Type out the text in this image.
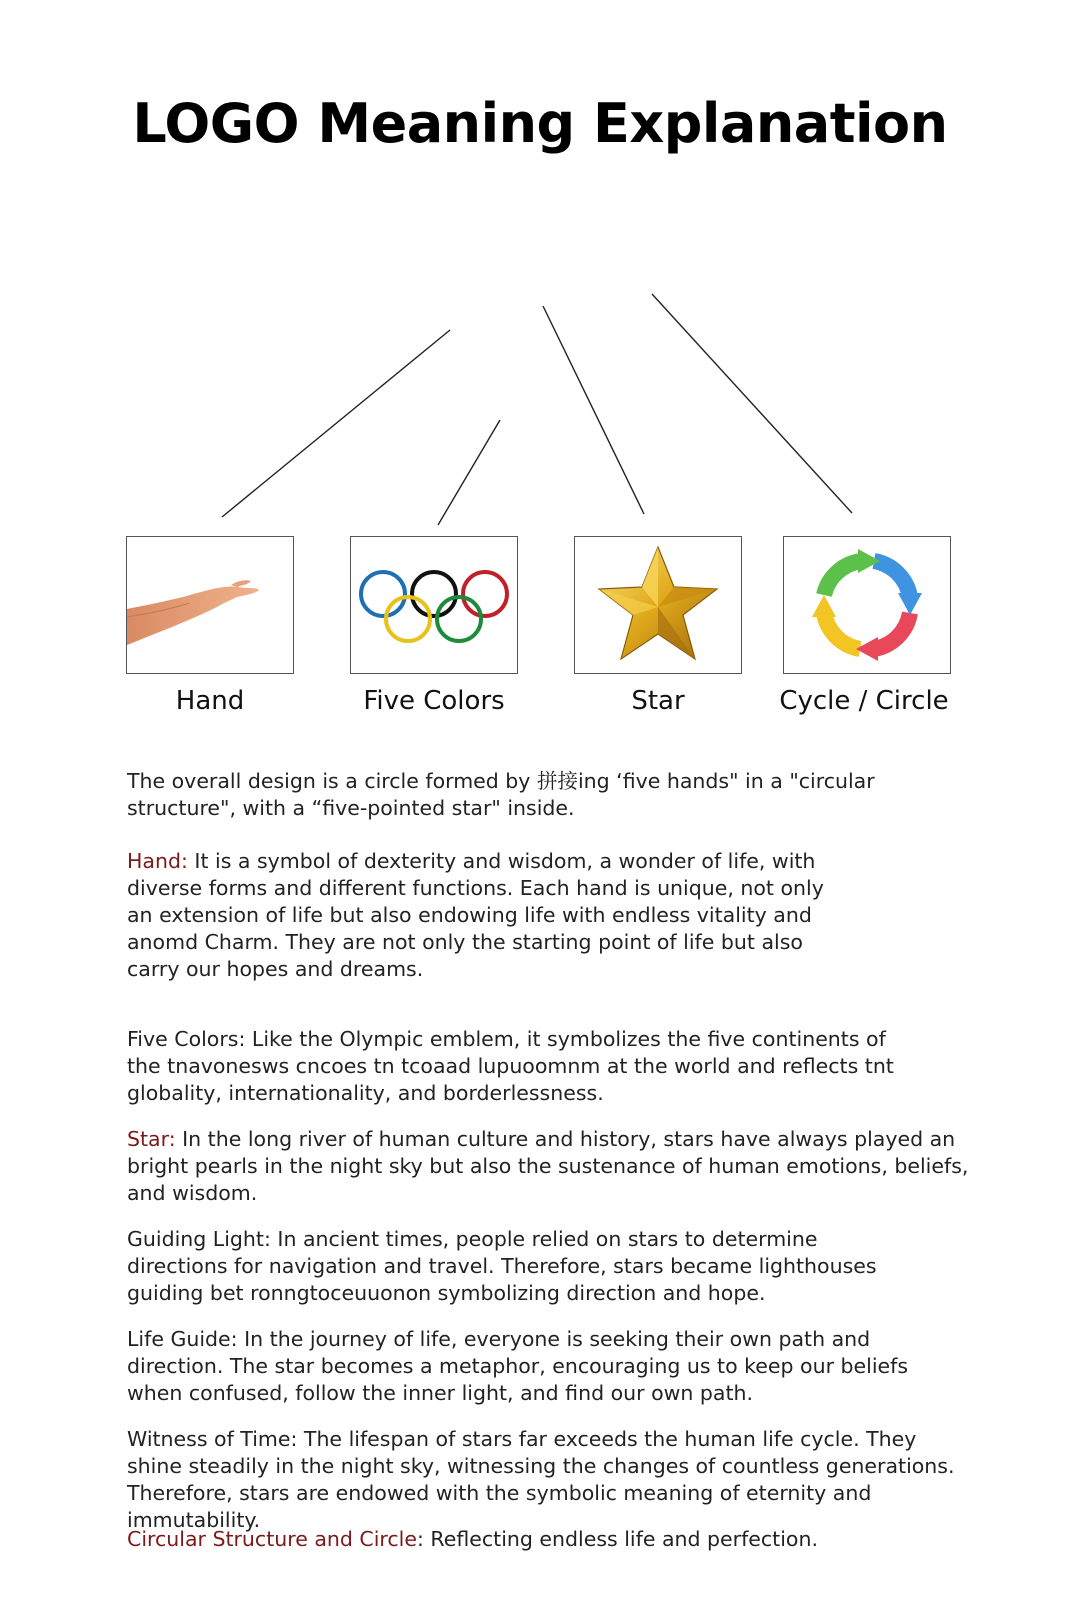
LOGO Meaning Explanation
Hand	Five Colors	Star	Cycle / Circle

The overall design is a circle formed by 拼接ing ‘five hands" in a "circular structure", with a “five-pointed star" inside.

Hand: It is a symbol of dexterity and wisdom, a wonder of life, with diverse forms and different functions. Each hand is unique, not only an extension of life but also endowing life with endless vitality and anomd Charm. They are not only the starting point of life but also carry our hopes and dreams.

Five Colors: Like the Olympic emblem, it symbolizes the five continents of the tnavonesws cncoes tn tcoaad lupuoomnm at the world and reflects tnt globality, internationality, and borderlessness.

Star: In the long river of human culture and history, stars have always played an bright pearls in the night sky but also the sustenance of human emotions, beliefs, and wisdom.

Guiding Light: In ancient times, people relied on stars to determine directions for navigation and travel. Therefore, stars became lighthouses guiding bet ronngtoceuuonon symbolizing direction and hope.

Life Guide: In the journey of life, everyone is seeking their own path and direction. The star becomes a metaphor, encouraging us to keep our beliefs when confused, follow the inner light, and find our own path.

Witness of Time: The lifespan of stars far exceeds the human life cycle. They shine steadily in the night sky, witnessing the changes of countless generations. Therefore, stars are endowed with the symbolic meaning of eternity and immutability.

Circular Structure and Circle: Reflecting endless life and perfection.
